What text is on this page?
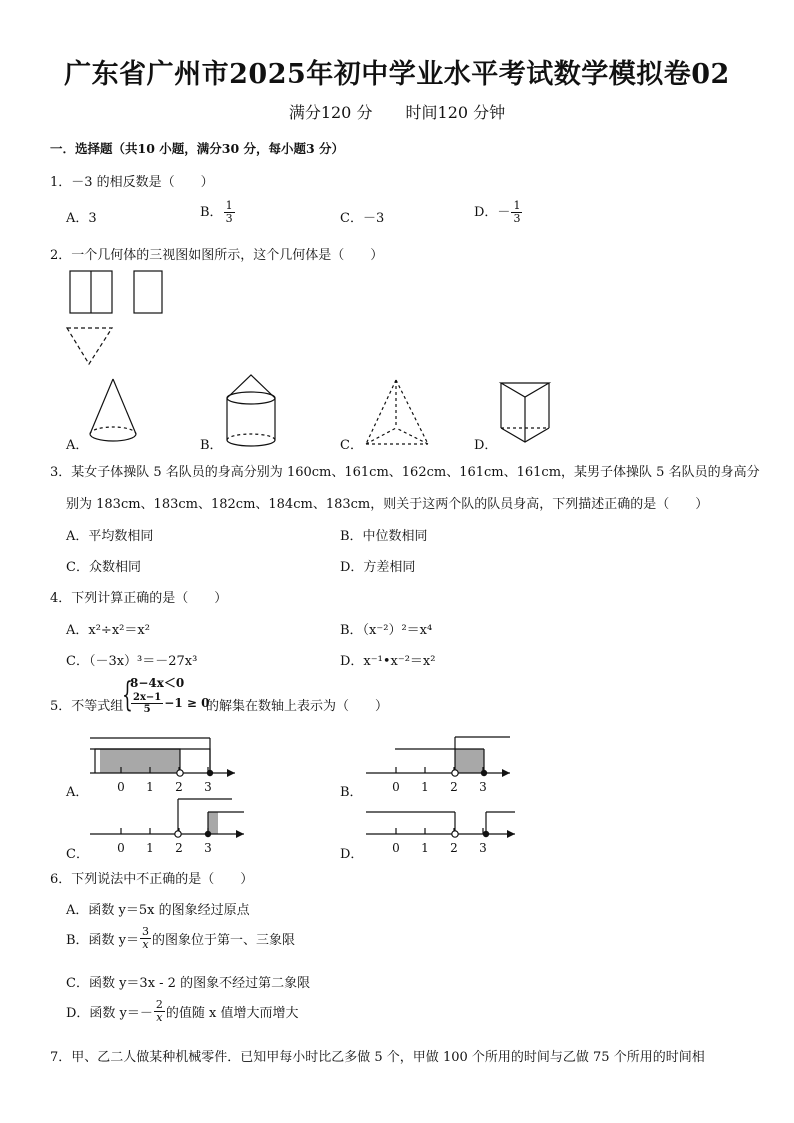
广东省广州市2025年初中学业水平考试数学模拟卷02
满分120 分 时间120 分钟
一．选择题（共10 小题，满分30 分，每小题3 分）
1．－3 的相反数是（　　）
A．3	B． $\frac{1}{3}$	C．－3	D．－ $\frac{1}{3}$
2．一个几何体的三视图如图所示，这个几何体是（　　）
A．	B．	C．	D．
3．某女子体操队 5 名队员的身高分别为 160cm、161cm、162cm、161cm、161cm，某男子体操队 5 名队员的身高分
别为 183cm、183cm、182cm、184cm、183cm，则关于这两个队的队员身高，下列描述正确的是（　　）
A．平均数相同	B．中位数相同
C．众数相同	D．方差相同
4．下列计算正确的是（　　）
A．x²÷x²＝x²	B．（x⁻²）²＝x⁴
C．（－3x）³＝－27x³	D．x⁻¹•x⁻²＝x²
5．不等式组
{
8−4x＜0
$\frac{2x-1}{5} -1 \ge 0$
的解集在数轴上表示为（　　）
A．	B．
C．	D．
0 1 2 3	0 1 2 3
0 1 2 3	0 1 2 3
6．下列说法中不正确的是（　　）
A．函数 y＝5x 的图象经过原点
B．函数 $y= \frac{3}{x}$ 的图象位于第一、三象限
C．函数 y＝3x - 2 的图象不经过第二象限
D．函数 $y=- \frac{2}{x}$ 的值随 x 值增大而增大
7．甲、乙二人做某种机械零件．已知甲每小时比乙多做 5 个，甲做 100 个所用的时间与乙做 75 个所用的时间相
